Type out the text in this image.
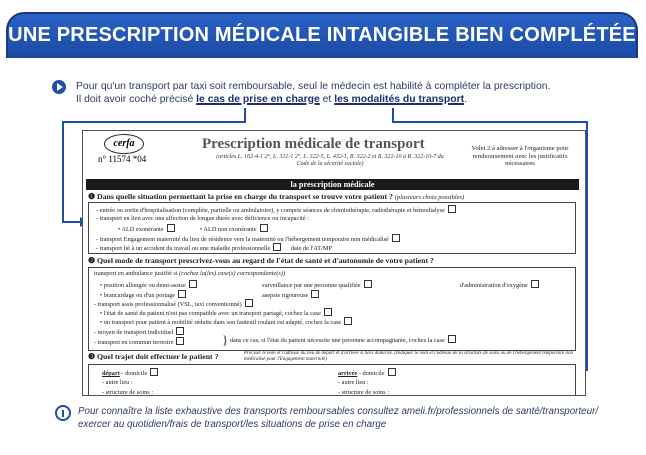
UNE PRESCRIPTION MÉDICALE INTANGIBLE BIEN COMPLÉTÉE
Pour qu'un transport par taxi soit remboursable, seul le médecin est habilité à compléter la prescription.
Il doit avoir coché précisé le cas de prise en charge et les modalités du transport.
cerfa
n° 11574 *04
Prescription médicale de transport
(articles L. 162-4-1 2°, L. 321-1 2°, L. 322-5, L. 432-1, R. 322-2 et R. 322-10 à R. 322-10-7 du Code de la sécurité sociale)
Volet 2 à adresser à l'organisme pour remboursement avec les justificatifs nécessaires
la prescription médicale
❶ Dans quelle situation permettant la prise en charge du transport se trouve votre patient ? (plusieurs choix possibles)
- entrée ou sortie d'hospitalisation (complète, partielle ou ambulatoire), y compris séances de chimiothérapie, radiothérapie et hémodialyse
- transport en lien avec une affection de longue durée avec déficience ou incapacité :
• ALD exonérante	• ALD non exonérante
- transport Engagement maternité du lieu de résidence vers la maternité ou l'hébergement temporaire non médicalisé
- transport lié à un accident du travail ou une maladie professionnelle	date de l'AT/MP
❷ Quel mode de transport prescrivez-vous au regard de l'état de santé et d'autonomie de votre patient ?
transport en ambulance justifié si (cochez la(les) case(s) correspondante(s))
• position allongée ou demi-assise	surveillance par une personne qualifiée	d'administration d'oxygène
• brancardage ou d'un portage	asepsie rigoureuse
- transport assis professionnalisé (VSL, taxi conventionné)
• l'état de santé du patient n'est pas compatible avec un transport partagé, cochez la case
• un transport pour patient à mobilité réduite dans son fauteuil roulant est adapté, cochez la case
- moyen de transport individuel
- transport en commun terrestre	} dans ce cas, si l'état du patient nécessite une personne accompagnante, cochez la case
❸ Quel trajet doit effectuer le patient ?	Préciser le nom et l'adresse du lieu de départ et d'arrivée si hors domicile. (Indiquer le nom et l'adresse de la structure de soins ou de l'hébergement temporaire non médicalisé pour l'Engagement maternité)
départ - domicile
- autre lieu :
- structure de soins :
arrivée - domicile
- autre lieu :
- structure de soins :
Pour connaître la liste exhaustive des transports remboursables consultez ameli.fr/professionnels de santé/transporteur/ exercer au quotidien/frais de transport/les situations de prise en charge
